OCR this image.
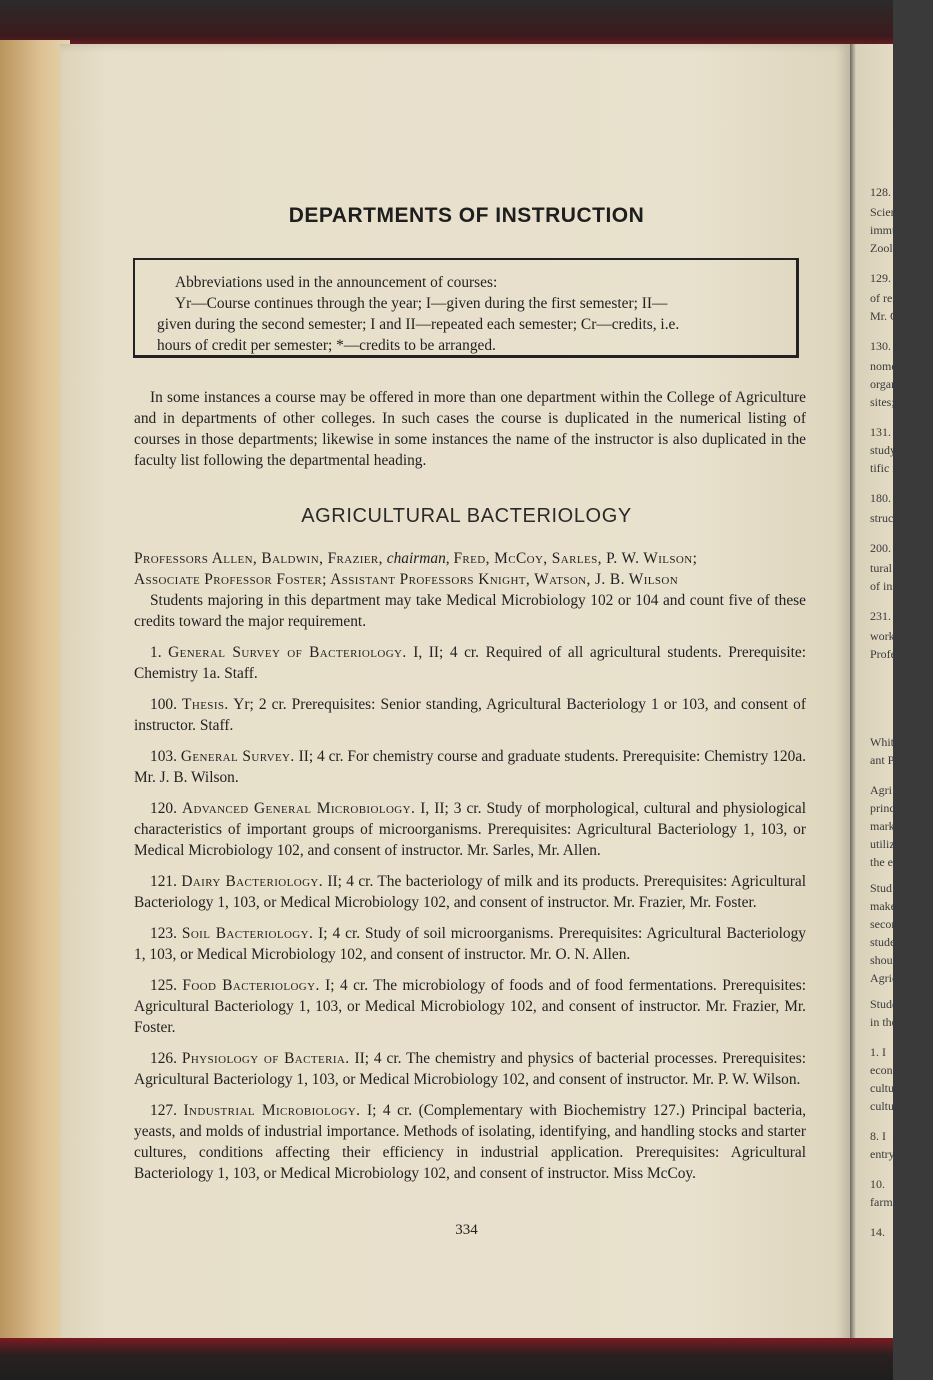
128. I
Scienc
immunit
Zoology
129. I
of resea
Mr. O.
130.
nomenc
organis
sites; A
131.
study. I
tific rep
180.
structor.
200.
tural b
of insti
231.
work i
Profess
Whitso
ant Pr
Agri
princip
market
utilizat
the eco
Stud
make i
second
student
should
Agricu
Stude
in the
1. I
econom
culture
cultura
8. I
entry. I
10.
farm I
14.
DEPARTMENTS OF INSTRUCTION

Abbreviations used in the announcement of courses:

Yr—Course continues through the year; I—given during the first semester; II—

given during the second semester; I and II—repeated each semester; Cr—credits, i.e.

hours of credit per semester; *—credits to be arranged.

In some instances a course may be offered in more than one department within the College of Agriculture and in departments of other colleges. In such cases the course is duplicated in the numerical listing of courses in those departments; likewise in some instances the name of the instructor is also duplicated in the faculty list following the departmental heading.

AGRICULTURAL BACTERIOLOGY

Professors Allen, Baldwin, Frazier, chairman, Fred, McCoy, Sarles, P. W. Wilson;

Associate Professor Foster; Assistant Professors Knight, Watson, J. B. Wilson

Students majoring in this department may take Medical Microbiology 102 or 104 and count five of these credits toward the major requirement.

1. General Survey of Bacteriology. I, II; 4 cr. Required of all agricultural students. Prerequisite: Chemistry 1a. Staff.

100. Thesis. Yr; 2 cr. Prerequisites: Senior standing, Agricultural Bacteriology 1 or 103, and consent of instructor. Staff.

103. General Survey. II; 4 cr. For chemistry course and graduate students. Prerequisite: Chemistry 120a. Mr. J. B. Wilson.

120. Advanced General Microbiology. I, II; 3 cr. Study of morphological, cultural and physiological characteristics of important groups of microorganisms. Prerequisites: Agricultural Bacteriology 1, 103, or Medical Microbiology 102, and consent of instructor. Mr. Sarles, Mr. Allen.

121. Dairy Bacteriology. II; 4 cr. The bacteriology of milk and its products. Prerequisites: Agricultural Bacteriology 1, 103, or Medical Microbiology 102, and consent of instructor. Mr. Frazier, Mr. Foster.

123. Soil Bacteriology. I; 4 cr. Study of soil microorganisms. Prerequisites: Agricultural Bacteriology 1, 103, or Medical Microbiology 102, and consent of instructor. Mr. O. N. Allen.

125. Food Bacteriology. I; 4 cr. The microbiology of foods and of food fermentations. Prerequisites: Agricultural Bacteriology 1, 103, or Medical Microbiology 102, and consent of instructor. Mr. Frazier, Mr. Foster.

126. Physiology of Bacteria. II; 4 cr. The chemistry and physics of bacterial processes. Prerequisites: Agricultural Bacteriology 1, 103, or Medical Microbiology 102, and consent of instructor. Mr. P. W. Wilson.

127. Industrial Microbiology. I; 4 cr. (Complementary with Biochemistry 127.) Principal bacteria, yeasts, and molds of industrial importance. Methods of isolating, identifying, and handling stocks and starter cultures, conditions affecting their efficiency in industrial application. Prerequisites: Agricultural Bacteriology 1, 103, or Medical Microbiology 102, and consent of instructor. Miss McCoy.

334
